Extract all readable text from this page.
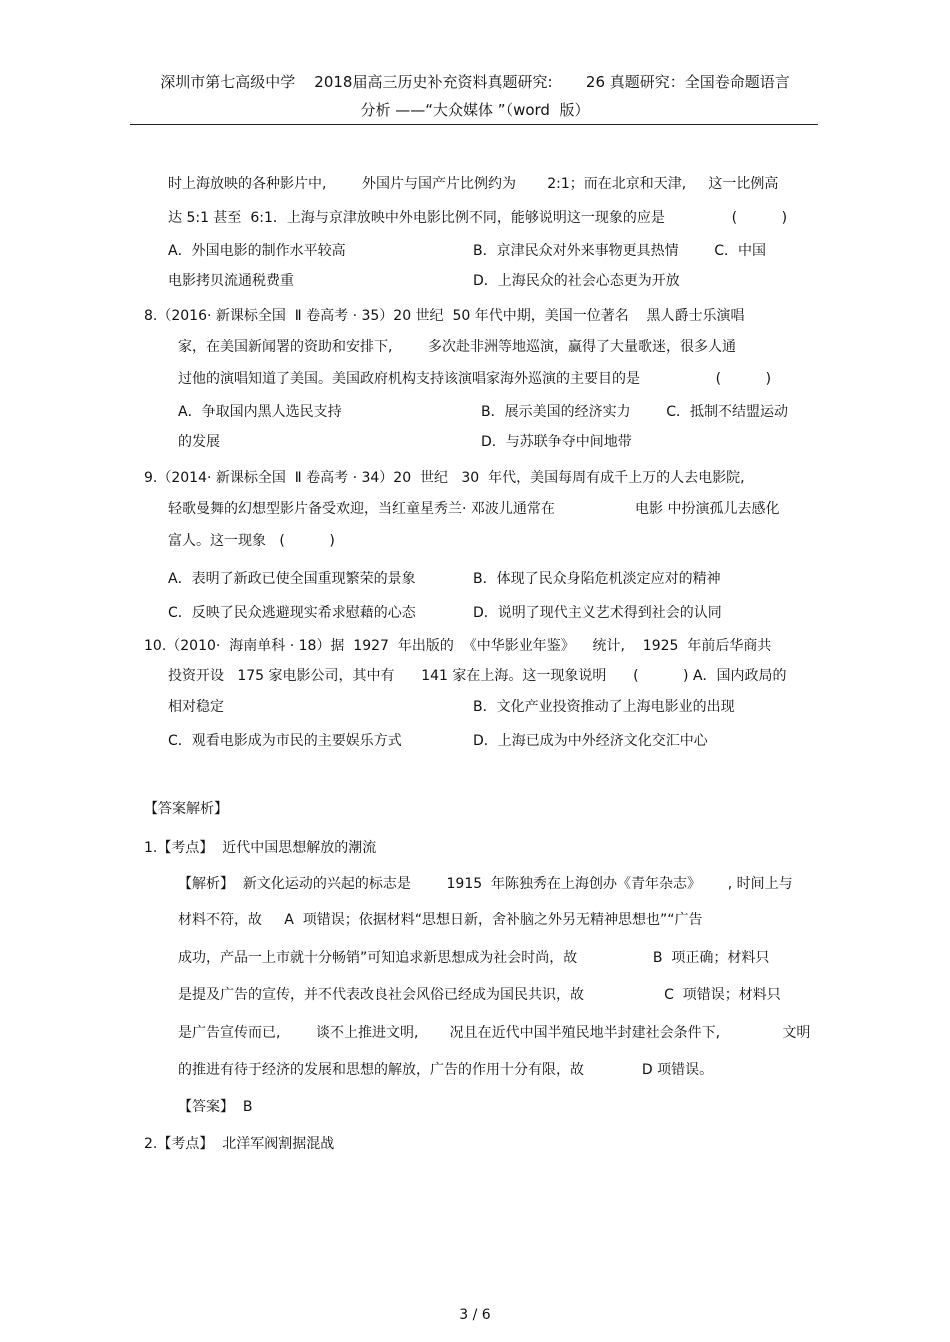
深圳市第七高级中学    2018届高三历史补充资料真题研究:       26 真题研究：全国卷命题语言
分析 ——“大众媒体 ”（word  版）
时上海放映的各种影片中,        外国片与国产片比例约为       2:1；而在北京和天津,     这一比例高
达 5:1 甚至  6:1．上海与京津放映中外电影比例不同，能够说明这一现象的应是               (          )
A．外国电影的制作水平较高	B．京津民众对外来事物更具热情        C．中国
电影拷贝流通税费重	D．上海民众的社会心态更为开放
8.（2016· 新课标全国  Ⅱ 卷高考 · 35）20 世纪  50 年代中期，美国一位著名    黑人爵士乐演唱
家，在美国新闻署的资助和安排下,        多次赴非洲等地巡演，赢得了大量歌迷，很多人通
过他的演唱知道了美国。美国政府机构支持该演唱家海外巡演的主要目的是                 (          )
A．争取国内黑人选民支持	B．展示美国的经济实力        C．抵制不结盟运动
的发展	D．与苏联争夺中间地带
9.（2014· 新课标全国  Ⅱ 卷高考 · 34）20  世纪   30  年代，美国每周有成千上万的人去电影院,
轻歌曼舞的幻想型影片备受欢迎，当红童星秀兰· 邓波儿通常在                  电影 中扮演孤儿去感化
富人。这一现象   (          )
A．表明了新政已使全国重现繁荣的景象	B．体现了民众身陷危机淡定应对的精神
C．反映了民众逃避现实希求慰藉的心态	D．说明了现代主义艺术得到社会的认同
10.（2010·  海南单科 · 18）据  1927  年出版的  《中华影业年鉴》    统计,    1925  年前后华商共
投资开设   175 家电影公司，其中有      141 家在上海。这一现象说明      (          ) A．国内政局的
相对稳定	B．文化产业投资推动了上海电影业的出现
C．观看电影成为市民的主要娱乐方式	D．上海已成为中外经济文化交汇中心
【答案解析】
1.【考点】  近代中国思想解放的潮流
【解析】  新文化运动的兴起的标志是        1915  年陈独秀在上海创办《青年杂志》      , 时间上与
材料不符，故     A  项错误；依据材料“思想日新，舍补脑之外另无精神思想也”“广告
成功，产品一上市就十分畅销”可知追求新思想成为社会时尚，故                 B  项正确；材料只
是提及广告的宣传，并不代表改良社会风俗已经成为国民共识，故                  C  项错误；材料只
是广告宣传而已,        谈不上推进文明,       况且在近代中国半殖民地半封建社会条件下,              文明
的推进有待于经济的发展和思想的解放，广告的作用十分有限，故             D 项错误。
【答案】  B
2.【考点】  北洋军阀割据混战
3 / 6
